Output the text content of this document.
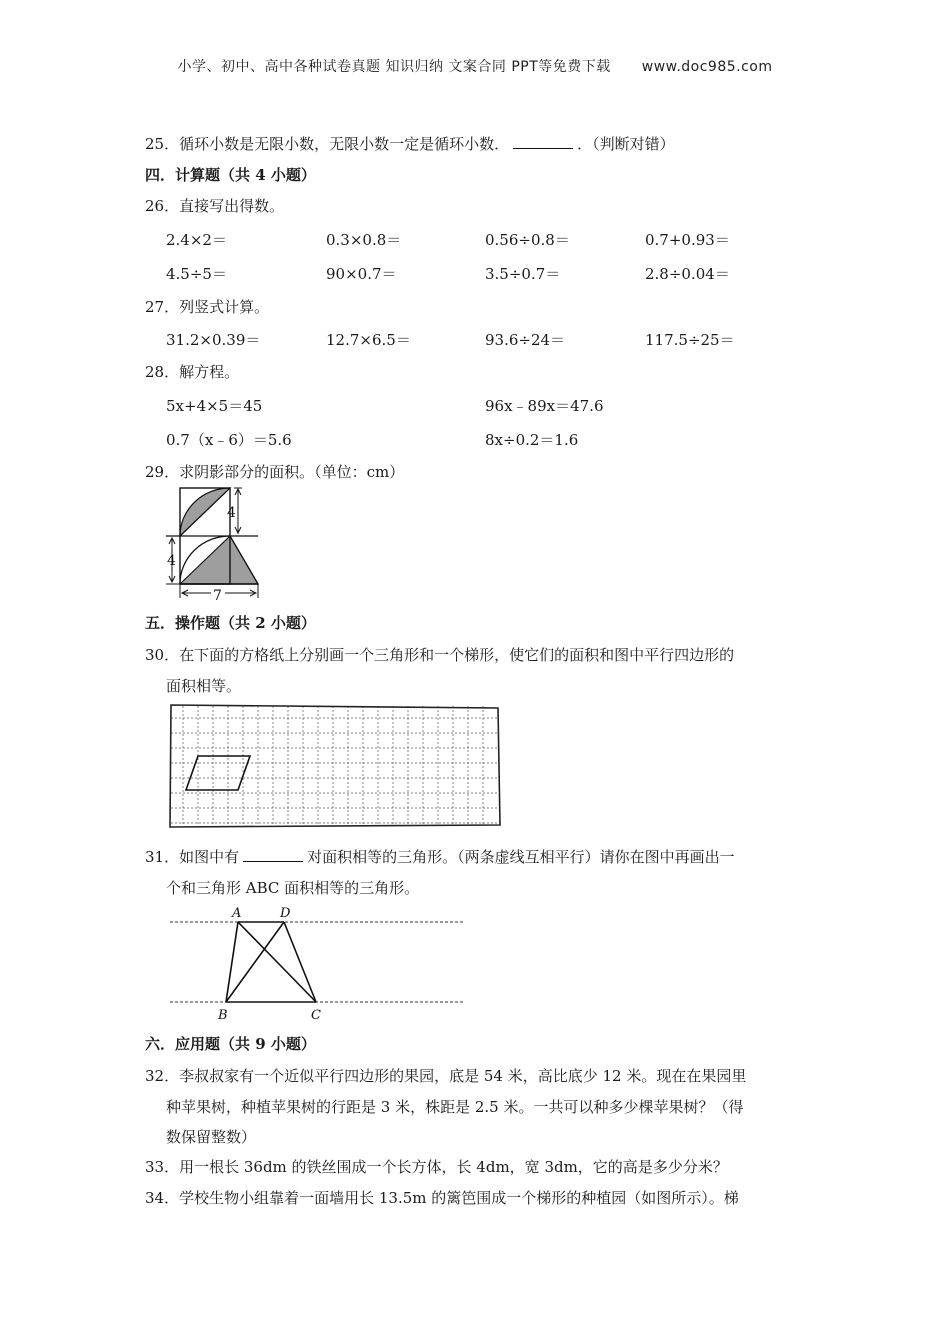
小学、初中、高中各种试卷真题 知识归纳 文案合同 PPT等免费下载 www.doc985.com
25．循环小数是无限小数，无限小数一定是循环小数．	．（判断对错）
四．计算题（共 4 小题）
26．直接写出得数。
2.4×2＝	0.3×0.8＝	0.56÷0.8＝	0.7+0.93＝
4.5÷5＝	90×0.7＝	3.5÷0.7＝	2.8÷0.04＝
27．列竖式计算。
31.2×0.39＝	12.7×6.5＝	93.6÷24＝	117.5÷25＝
28．解方程。
5x+4×5＝45	96x﹣89x＝47.6
0.7（x﹣6）＝5.6	8x÷0.2＝1.6
29．求阴影部分的面积。（单位：cm）
4
4
7
五．操作题（共 2 小题）
30．在下面的方格纸上分别画一个三角形和一个梯形，使它们的面积和图中平行四边形的
面积相等。
31．如图中有	对面积相等的三角形。（两条虚线互相平行）请你在图中再画出一
个和三角形 ABC 面积相等的三角形。
A	D
B	C
六．应用题（共 9 小题）
32．李叔叔家有一个近似平行四边形的果园，底是 54 米，高比底少 12 米。现在在果园里
种苹果树，种植苹果树的行距是 3 米，株距是 2.5 米。一共可以种多少棵苹果树？（得
数保留整数）
33．用一根长 36dm 的铁丝围成一个长方体，长 4dm，宽 3dm，它的高是多少分米？
34．学校生物小组靠着一面墙用长 13.5m 的篱笆围成一个梯形的种植园（如图所示）。梯
